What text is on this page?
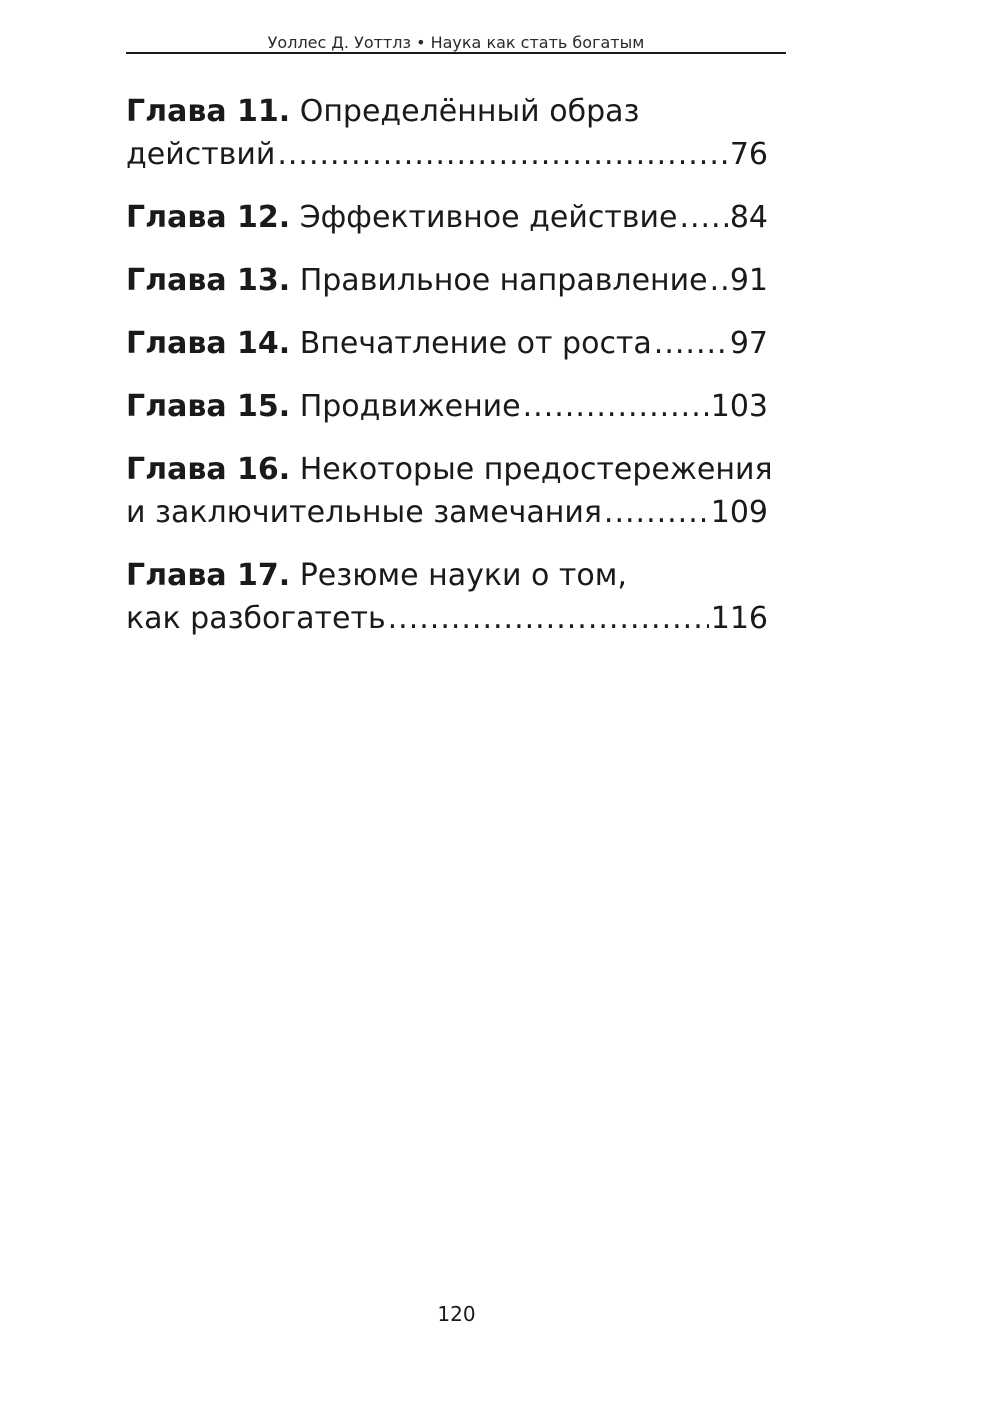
Уоллес Д. Уоттлз • Наука как стать богатым
Глава 11.
Определённый образ
действий .....	76
Глава 12.
Эффективное действие ..... 84
Глава 13.
Правильное направление ..... 91
Глава 14.
Впечатление от роста .....	97
Глава 15.
Продвижение .....	103
Глава 16.
Некоторые предостережения
и заключительные замечания .....	109
Глава 17.
Резюме науки о том,
как разбогатеть .....	116
120
